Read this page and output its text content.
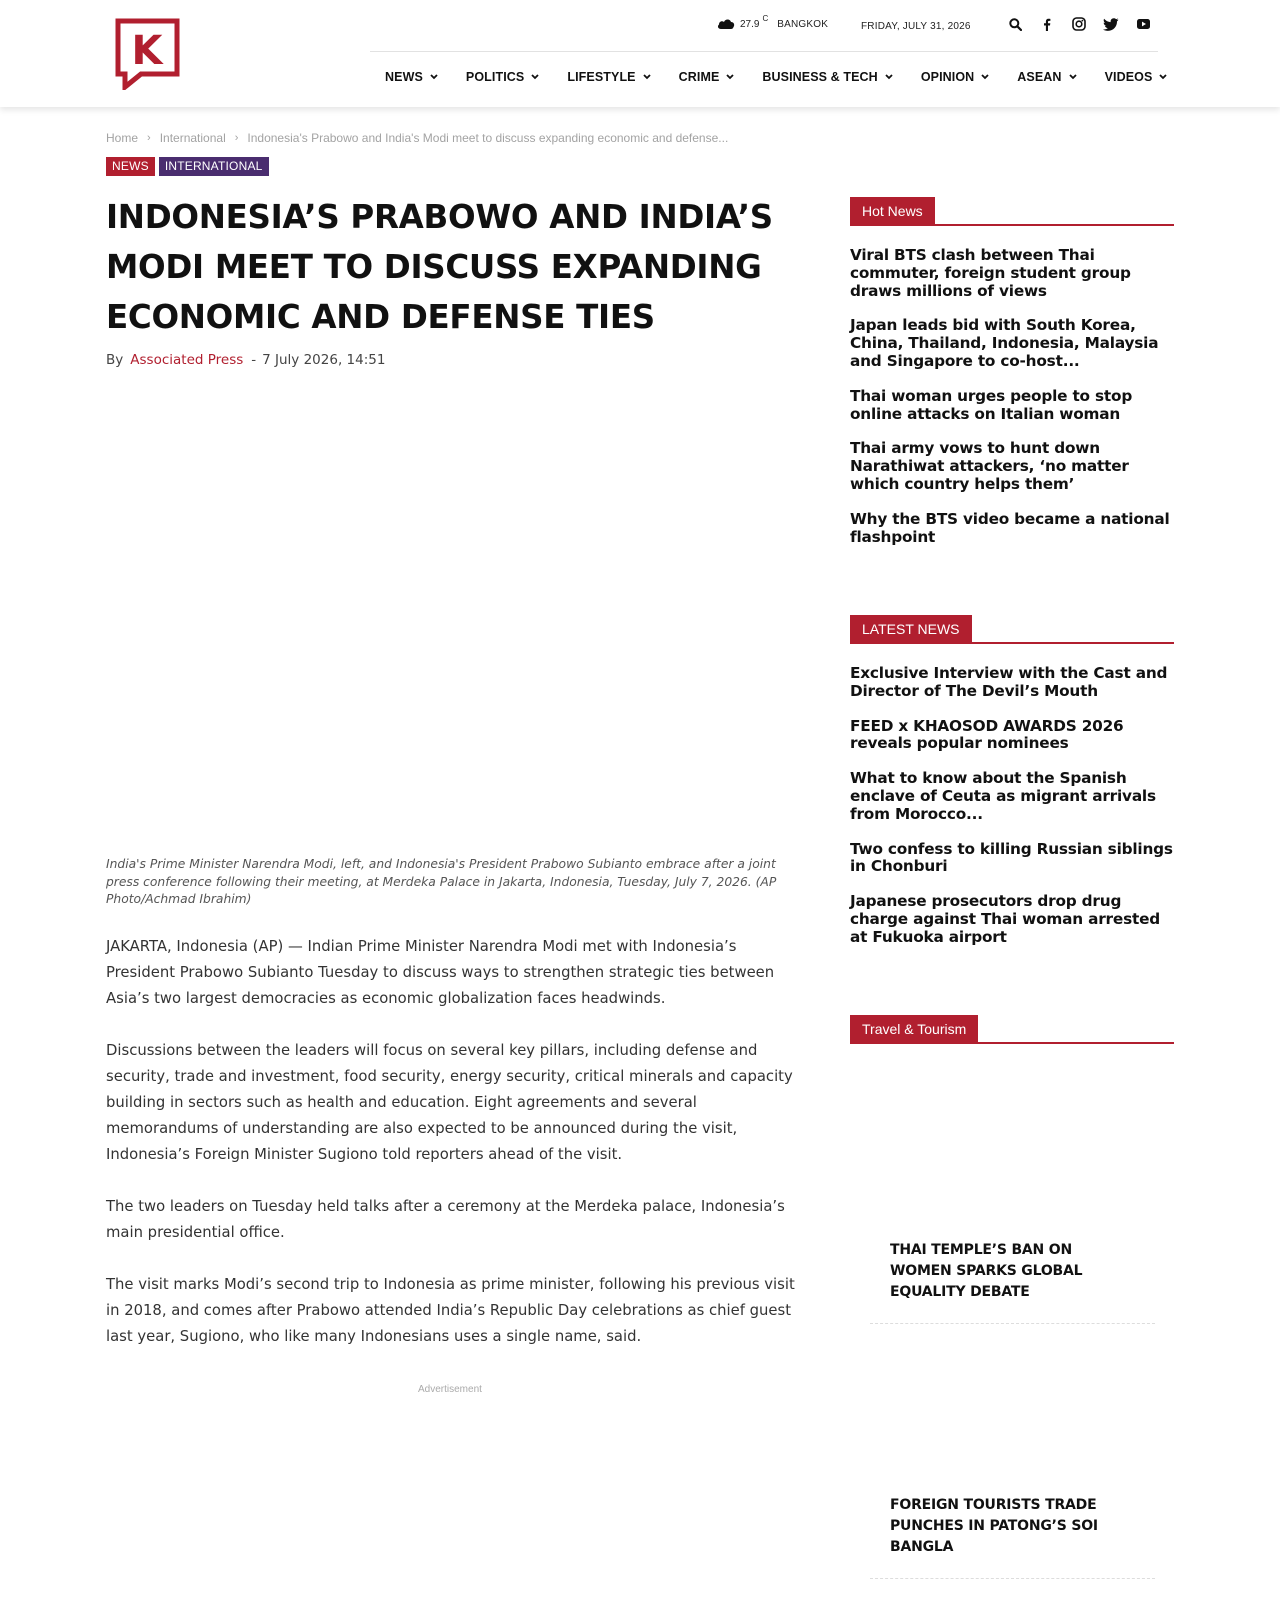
K
27.9
C
BANGKOK	FRIDAY, JULY 31, 2026
NEWS	POLITICS	LIFESTYLE	CRIME	BUSINESS & TECH	OPINION	ASEAN	VIDEOS
Home › International › Indonesia's Prabowo and India's Modi meet to discuss expanding economic and defense...
NEWS	INTERNATIONAL
INDONESIA’S PRABOWO AND INDIA’S MODI MEET TO DISCUSS EXPANDING ECONOMIC AND DEFENSE TIES
By Associated Press - 7 July 2026, 14:51
India's Prime Minister Narendra Modi, left, and Indonesia's President Prabowo Subianto embrace after a joint press conference following their meeting, at Merdeka Palace in Jakarta, Indonesia, Tuesday, July 7, 2026. (AP Photo/Achmad Ibrahim)

JAKARTA, Indonesia (AP) — Indian Prime Minister Narendra Modi met with Indonesia’s President Prabowo Subianto Tuesday to discuss ways to strengthen strategic ties between Asia’s two largest democracies as economic globalization faces headwinds.

Discussions between the leaders will focus on several key pillars, including defense and security, trade and investment, food security, energy security, critical minerals and capacity building in sectors such as health and education. Eight agreements and several memorandums of understanding are also expected to be announced during the visit, Indonesia’s Foreign Minister Sugiono told reporters ahead of the visit.

The two leaders on Tuesday held talks after a ceremony at the Merdeka palace, Indonesia’s main presidential office.

The visit marks Modi’s second trip to Indonesia as prime minister, following his previous visit in 2018, and comes after Prabowo attended India’s Republic Day celebrations as chief guest last year, Sugiono, who like many Indonesians uses a single name, said.

Advertisement
Hot News
Viral BTS clash between Thai commuter, foreign student group draws millions of views
Japan leads bid with South Korea, China, Thailand, Indonesia, Malaysia and Singapore to co-host...
Thai woman urges people to stop online attacks on Italian woman
Thai army vows to hunt down Narathiwat attackers, ‘no matter which country helps them’
Why the BTS video became a national flashpoint
LATEST NEWS
Exclusive Interview with the Cast and Director of The Devil’s Mouth
FEED x KHAOSOD AWARDS 2026 reveals popular nominees
What to know about the Spanish enclave of Ceuta as migrant arrivals from Morocco...
Two confess to killing Russian siblings in Chonburi
Japanese prosecutors drop drug charge against Thai woman arrested at Fukuoka airport
Travel & Tourism
THAI TEMPLE’S BAN ON WOMEN SPARKS GLOBAL EQUALITY DEBATE
FOREIGN TOURISTS TRADE PUNCHES IN PATONG’S SOI BANGLA
